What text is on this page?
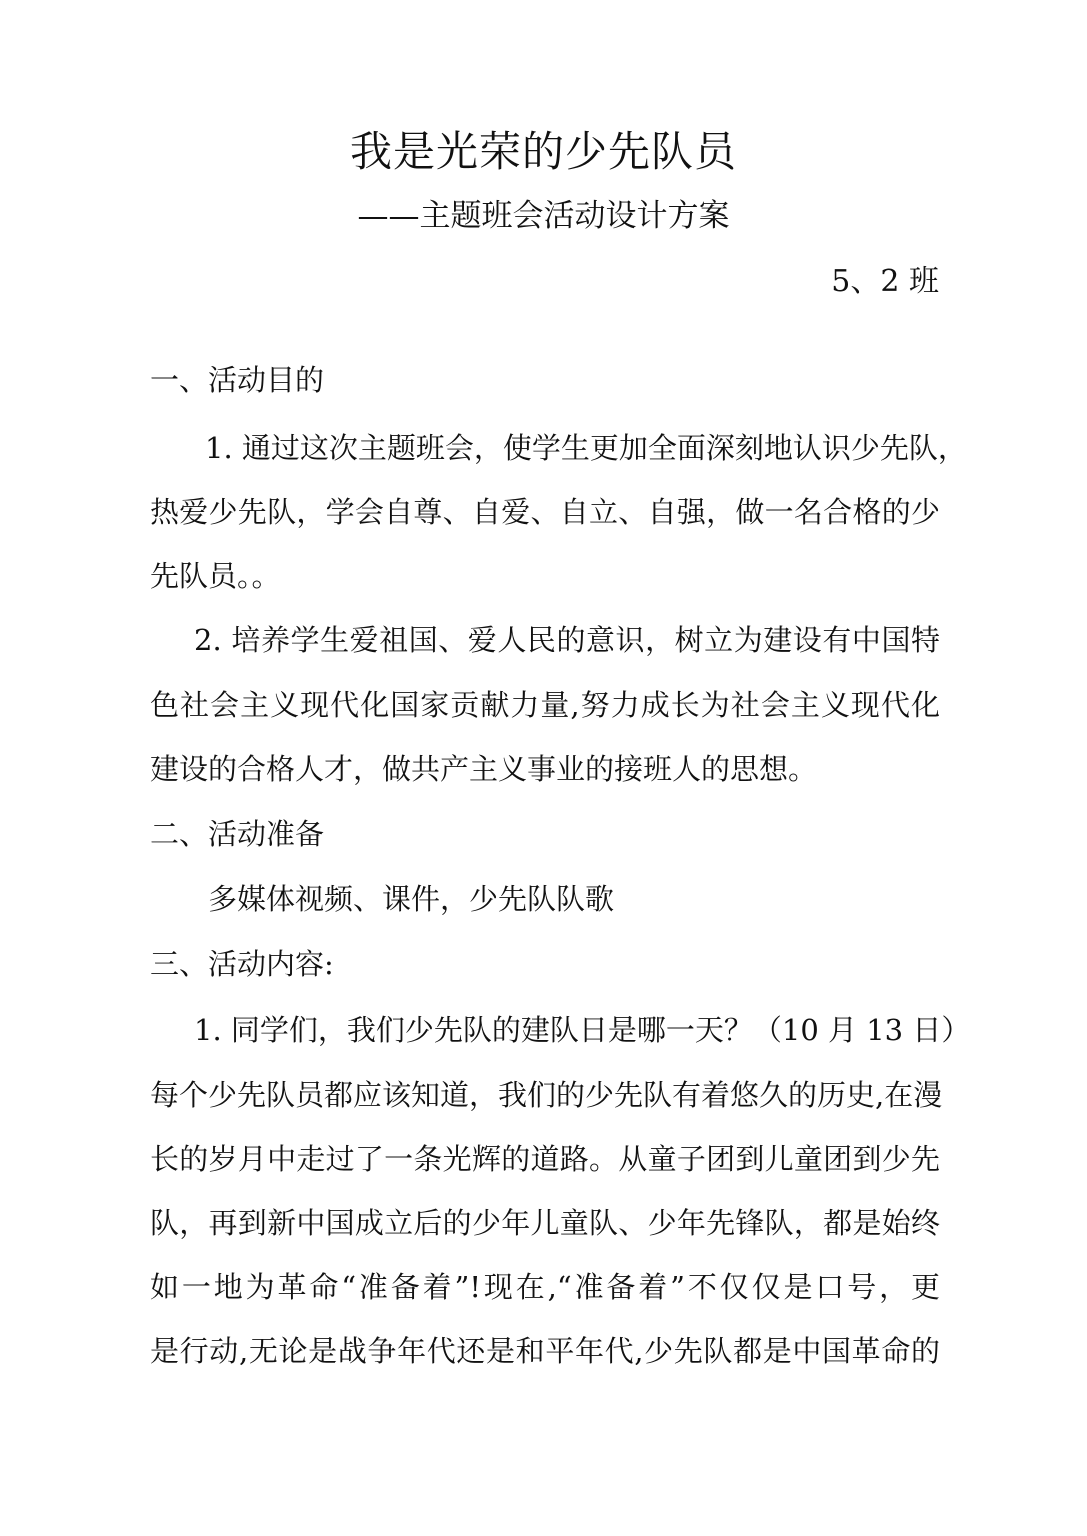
我是光荣的少先队员
——主题班会活动设计方案
5、2 班
一、活动目的
1. 通过这次主题班会，使学生更加全面深刻地认识少先队，
热爱少先队，学会自尊、自爱、自立、自强，做一名合格的少
先队员。。
2. 培养学生爱祖国、爱人民的意识，树立为建设有中国特
色社会主义现代化国家贡献力量,努力成长为社会主义现代化
建设的合格人才，做共产主义事业的接班人的思想。
二、活动准备
多媒体视频、课件，少先队队歌
三、活动内容:
1. 同学们，我们少先队的建队日是哪一天？（10 月 13 日）
每个少先队员都应该知道，我们的少先队有着悠久的历史,在漫
长的岁月中走过了一条光辉的道路。从童子团到儿童团到少先
队，再到新中国成立后的少年儿童队、少年先锋队，都是始终
如一地为革命“准备着”!现在,“准备着”不仅仅是口号，更
是行动,无论是战争年代还是和平年代,少先队都是中国革命的
